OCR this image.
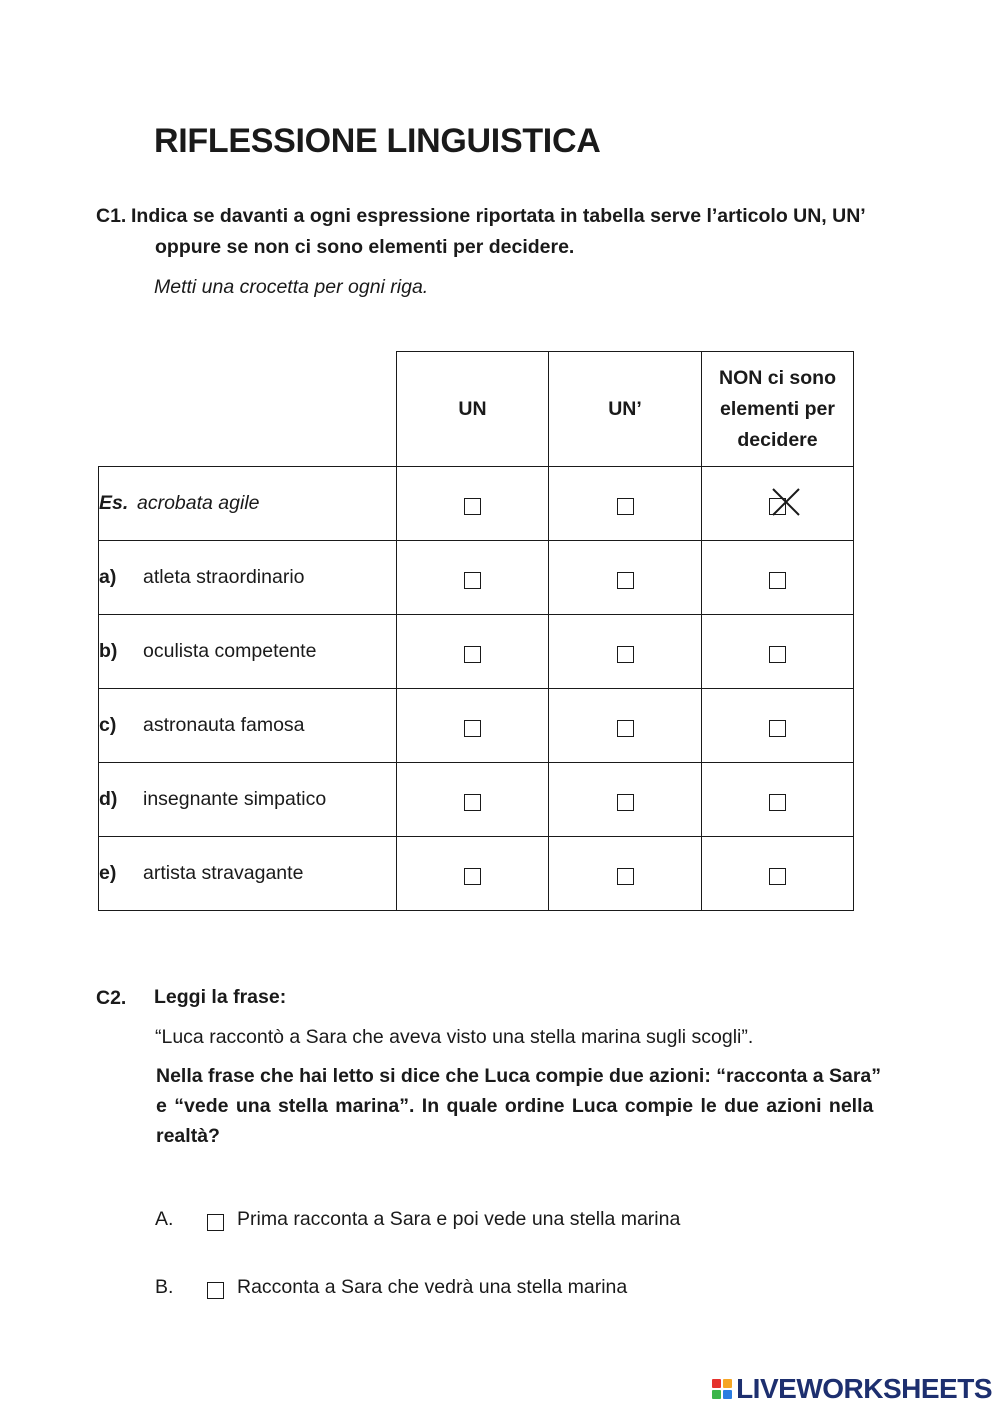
RIFLESSIONE LINGUISTICA
C1. Indica se davanti a ogni espressione riportata in tabella serve l’articolo UN, UN’
oppure se non ci sono elementi per decidere.
Metti una crocetta per ogni riga.
	UN	UN’	NON ci sono elementi per decidere
Es. acrobata agile			

a) atleta straordinario			
b) oculista competente			
c) astronauta famosa			
d) insegnante simpatico			
e) artista stravagante			
C2. Leggi la frase:
“Luca raccontò a Sara che aveva visto una stella marina sugli scogli”.
Nella frase che hai letto si dice che Luca compie due azioni: “racconta a Sara”
e “vede una stella marina”. In quale ordine Luca compie le due azioni nella
realtà?
A.	Prima racconta a Sara e poi vede una stella marina
B.	Racconta a Sara che vedrà una stella marina
LIVEWORKSHEETS
